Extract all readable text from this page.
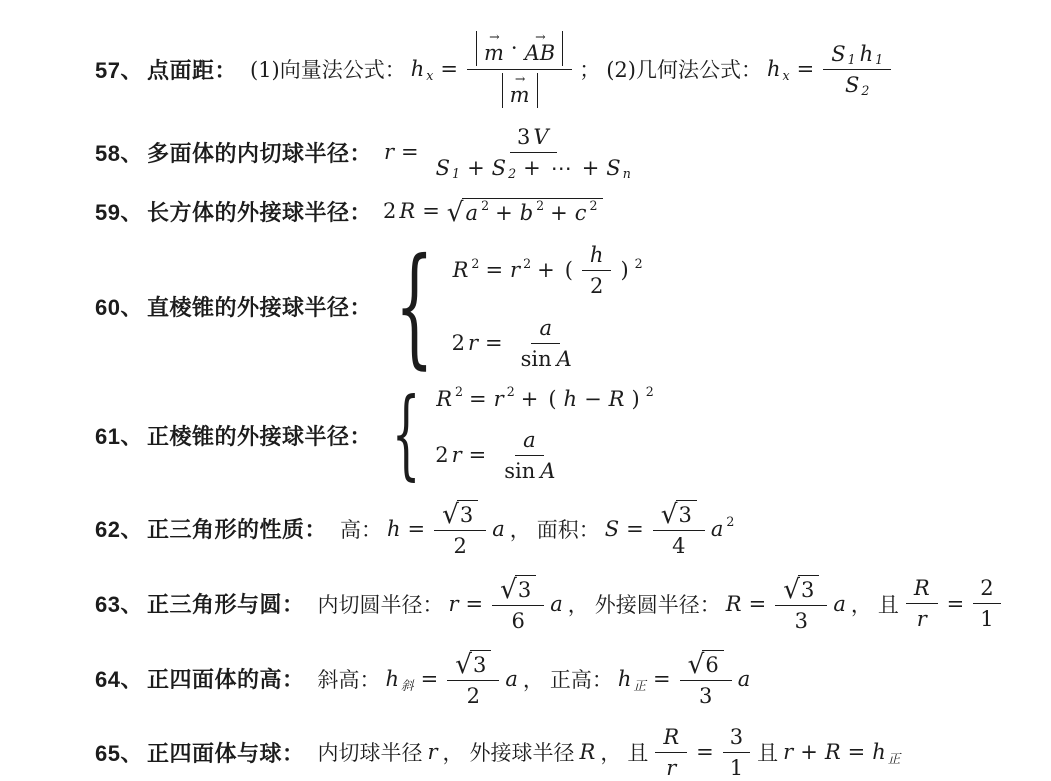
57、 点面距： (1)向量法公式： h x = →
m · →
AB
→
m ； (2)几何法公式： h $x = \frac{S 1 h 1}{S 2}$
58、 多面体的内切球半径： $r = \frac{3 V}{\text{S 1 + S 2 + ⋯ + S n}}$
59、 长方体的外接球半径： 2 R = √ a 2 + b 2 + c 2
60、 直棱锥的外接球半径： { R 2 = r 2 + ( $\frac{h}{2}$ ) 2
2 $r = \frac{a}{\text{sin A}}$
61、 正棱锥的外接球半径： { R 2 = r 2 + ( h − R ) 2
2 $r = \frac{a}{\text{sin A}}$
62、 正三角形的性质： 高： $h = \frac{√ 3}{2}$ a ， 面积： $S = \frac{√ 3}{4}$ a 2
63、 正三角形与圆： 内切圆半径： $r = \frac{√ 3}{6}$ a ， 外接圆半径： $R = \frac{√ 3}{3}$ a ， 且 $\frac{R}{r} = \frac{2}{1}$
64、 正四面体的高： 斜高： h 斜 = $\frac{√ 3}{2}$ a ， 正高： h 正 = $\frac{√ 6}{3}$ a
65、 正四面体与球： 内切球半径 r ， 外接球半径 R ， 且 $\frac{R}{r} = \frac{3}{1}$ 且 r + R = h 正
